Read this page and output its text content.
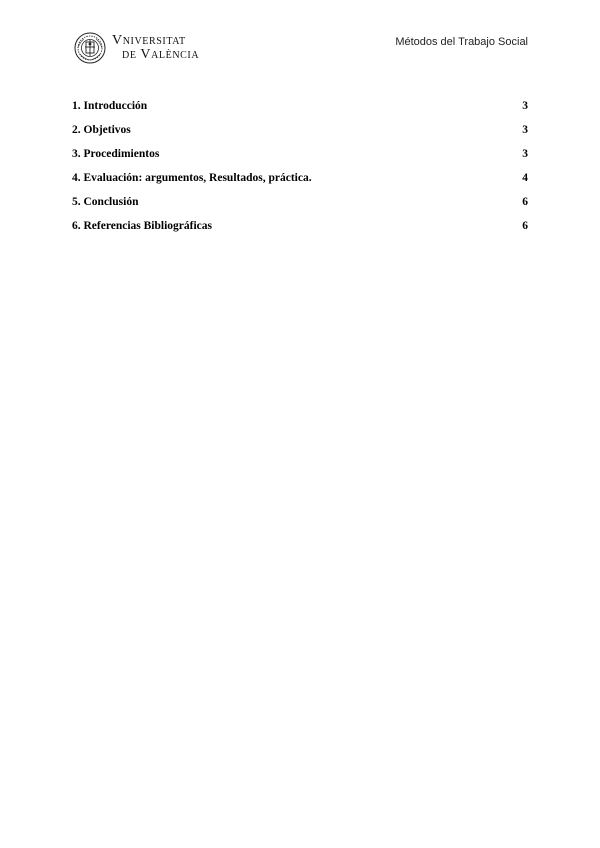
Vniversitat
de València
Métodos del Trabajo Social
1. Introducción	3
2. Objetivos	3
3. Procedimientos	3
4. Evaluación: argumentos, Resultados, práctica.	4
5. Conclusión	6
6. Referencias Bibliográficas	6
